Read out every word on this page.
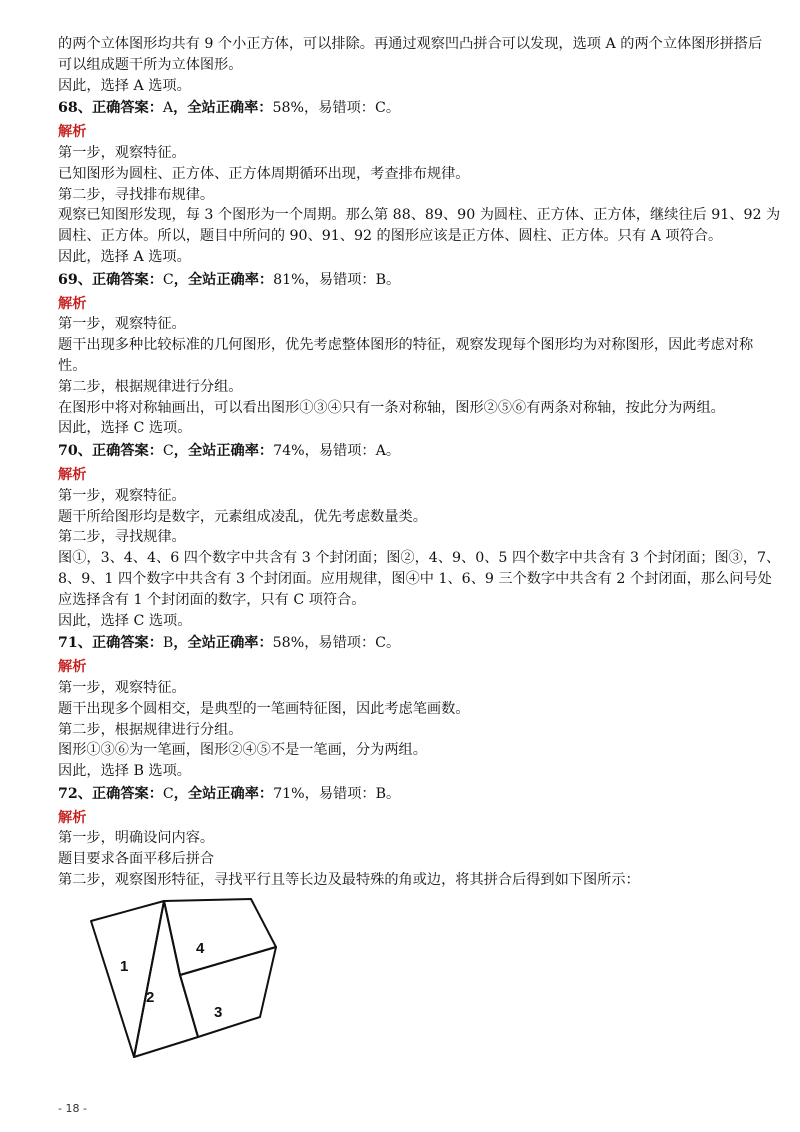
的两个立体图形均共有 9 个小正方体，可以排除。再通过观察凹凸拼合可以发现，选项 A 的两个立体图形拼搭后
可以组成题干所为立体图形。
因此，选择 A 选项。
68、正确答案：A，全站正确率：58%，易错项：C。
解析
第一步，观察特征。
已知图形为圆柱、正方体、正方体周期循环出现，考查排布规律。
第二步，寻找排布规律。
观察已知图形发现，每 3 个图形为一个周期。那么第 88、89、90 为圆柱、正方体、正方体，继续往后 91、92 为
圆柱、正方体。所以，题目中所问的 90、91、92 的图形应该是正方体、圆柱、正方体。只有 A 项符合。
因此，选择 A 选项。
69、正确答案：C，全站正确率：81%，易错项：B。
解析
第一步，观察特征。
题干出现多种比较标准的几何图形，优先考虑整体图形的特征，观察发现每个图形均为对称图形，因此考虑对称
性。
第二步，根据规律进行分组。
在图形中将对称轴画出，可以看出图形①③④只有一条对称轴，图形②⑤⑥有两条对称轴，按此分为两组。
因此，选择 C 选项。
70、正确答案：C，全站正确率：74%，易错项：A。
解析
第一步，观察特征。
题干所给图形均是数字，元素组成凌乱，优先考虑数量类。
第二步，寻找规律。
图①，3、4、4、6 四个数字中共含有 3 个封闭面；图②，4、9、0、5 四个数字中共含有 3 个封闭面；图③，7、
8、9、1 四个数字中共含有 3 个封闭面。应用规律，图④中 1、6、9 三个数字中共含有 2 个封闭面，那么问号处
应选择含有 1 个封闭面的数字，只有 C 项符合。
因此，选择 C 选项。
71、正确答案：B，全站正确率：58%，易错项：C。
解析
第一步，观察特征。
题干出现多个圆相交，是典型的一笔画特征图，因此考虑笔画数。
第二步，根据规律进行分组。
图形①③⑥为一笔画，图形②④⑤不是一笔画，分为两组。
因此，选择 B 选项。
72、正确答案：C，全站正确率：71%，易错项：B。
解析
第一步，明确设问内容。
题目要求各面平移后拼合
第二步，观察图形特征，寻找平行且等长边及最特殊的角或边，将其拼合后得到如下图所示：
1
2
4
3
- 18 -
